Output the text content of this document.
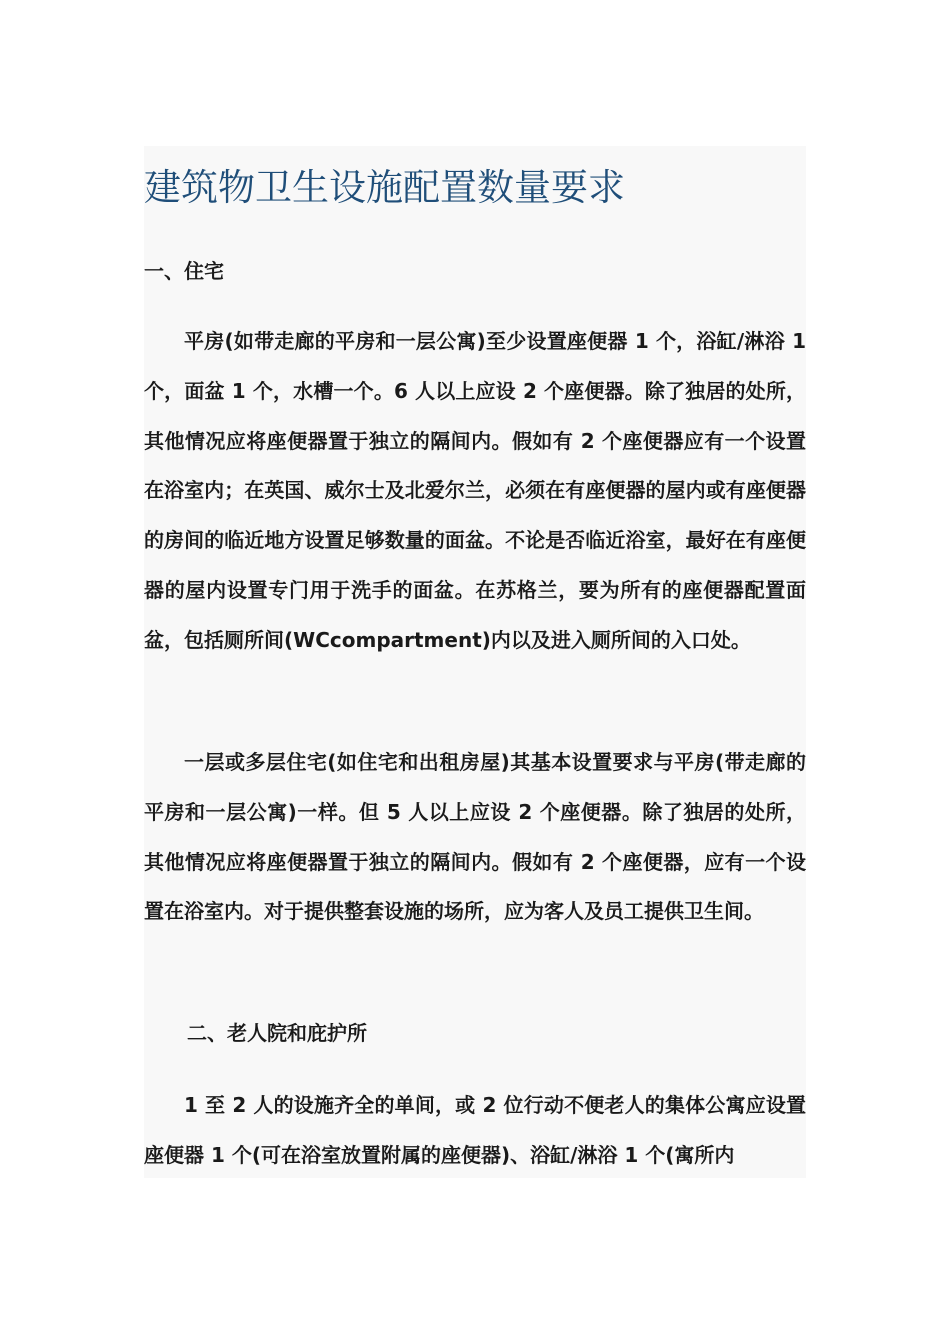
建筑物卫生设施配置数量要求
一、住宅

平房(如带走廊的平房和一层公寓)至少设置座便器 1 个，浴缸/淋浴 1 个，面盆 1 个，水槽一个。6 人以上应设 2 个座便器。除了独居的处所，其他情况应将座便器置于独立的隔间内。假如有 2 个座便器应有一个设置在浴室内；在英国、威尔士及北爱尔兰，必须在有座便器的屋内或有座便器的房间的临近地方设置足够数量的面盆。不论是否临近浴室，最好在有座便器的屋内设置专门用于洗手的面盆。在苏格兰，要为所有的座便器配置面盆，包括厕所间(WCcompartment)内以及进入厕所间的入口处。

一层或多层住宅(如住宅和出租房屋)其基本设置要求与平房(带走廊的平房和一层公寓)一样。但 5 人以上应设 2 个座便器。除了独居的处所，其他情况应将座便器置于独立的隔间内。假如有 2 个座便器，应有一个设置在浴室内。对于提供整套设施的场所，应为客人及员工提供卫生间。

二、老人院和庇护所

1 至 2 人的设施齐全的单间，或 2 位行动不便老人的集体公寓应设置座便器 1 个(可在浴室放置附属的座便器)、浴缸/淋浴 1 个(寓所内
